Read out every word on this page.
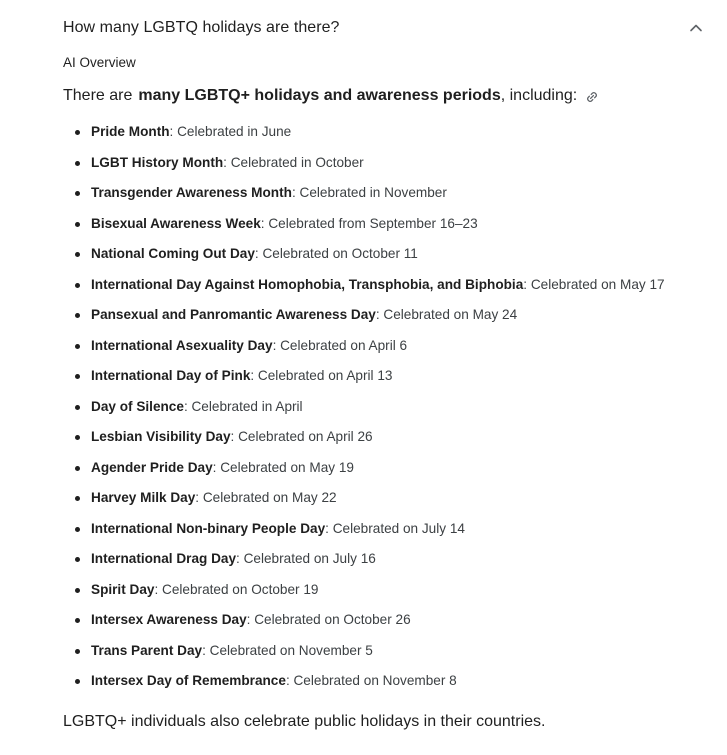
How many LGBTQ holidays are there?
AI Overview
There are many LGBTQ+ holidays and awareness periods , including:
Pride Month: Celebrated in June
LGBT History Month: Celebrated in October
Transgender Awareness Month: Celebrated in November
Bisexual Awareness Week: Celebrated from September 16–23
National Coming Out Day: Celebrated on October 11
International Day Against Homophobia, Transphobia, and Biphobia: Celebrated on May 17
Pansexual and Panromantic Awareness Day: Celebrated on May 24
International Asexuality Day: Celebrated on April 6
International Day of Pink: Celebrated on April 13
Day of Silence: Celebrated in April
Lesbian Visibility Day: Celebrated on April 26
Agender Pride Day: Celebrated on May 19
Harvey Milk Day: Celebrated on May 22
International Non-binary People Day: Celebrated on July 14
International Drag Day: Celebrated on July 16
Spirit Day: Celebrated on October 19
Intersex Awareness Day: Celebrated on October 26
Trans Parent Day: Celebrated on November 5
Intersex Day of Remembrance: Celebrated on November 8
LGBTQ+ individuals also celebrate public holidays in their countries.
